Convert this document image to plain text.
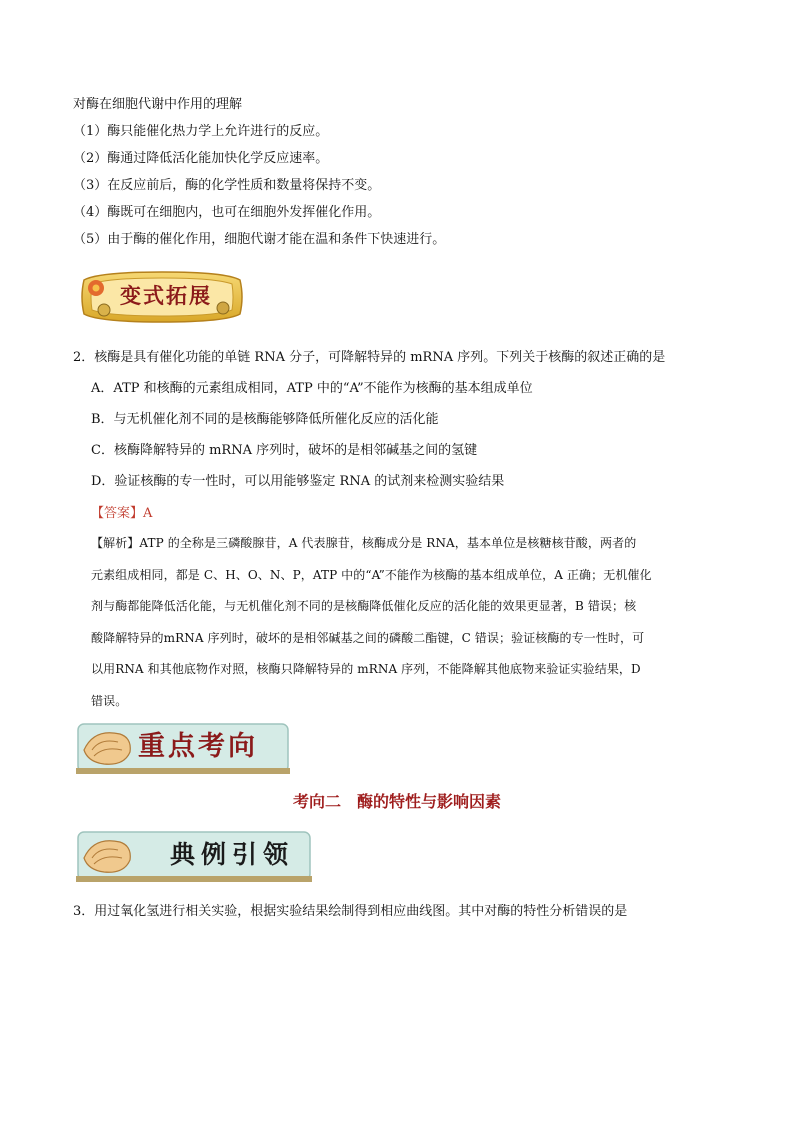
对酶在细胞代谢中作用的理解
（1）酶只能催化热力学上允许进行的反应。
（2）酶通过降低活化能加快化学反应速率。
（3）在反应前后，酶的化学性质和数量将保持不变。
（4）酶既可在细胞内，也可在细胞外发挥催化作用。
（5）由于酶的催化作用，细胞代谢才能在温和条件下快速进行。
变式拓展
2．核酶是具有催化功能的单链 RNA 分子，可降解特异的 mRNA 序列。下列关于核酶的叙述正确的是
A．ATP 和核酶的元素组成相同，ATP 中的“A”不能作为核酶的基本组成单位
B．与无机催化剂不同的是核酶能够降低所催化反应的活化能
C．核酶降解特异的 mRNA 序列时，破坏的是相邻碱基之间的氢键
D．验证核酶的专一性时，可以用能够鉴定 RNA 的试剂来检测实验结果
【答案】A
【解析】ATP 的全称是三磷酸腺苷，A 代表腺苷，核酶成分是 RNA，基本单位是核糖核苷酸，两者的
元素组成相同，都是 C、H、O、N、P，ATP 中的“A”不能作为核酶的基本组成单位，A 正确；无机催化
剂与酶都能降低活化能，与无机催化剂不同的是核酶降低催化反应的活化能的效果更显著，B 错误；核
酸降解特异的mRNA 序列时，破坏的是相邻碱基之间的磷酸二酯键，C 错误；验证核酶的专一性时，可
以用RNA 和其他底物作对照，核酶只降解特异的 mRNA 序列，不能降解其他底物来验证实验结果，D
错误。
重点考向
考向二　酶的特性与影响因素
典例引领
3．用过氧化氢进行相关实验，根据实验结果绘制得到相应曲线图。其中对酶的特性分析错误的是
